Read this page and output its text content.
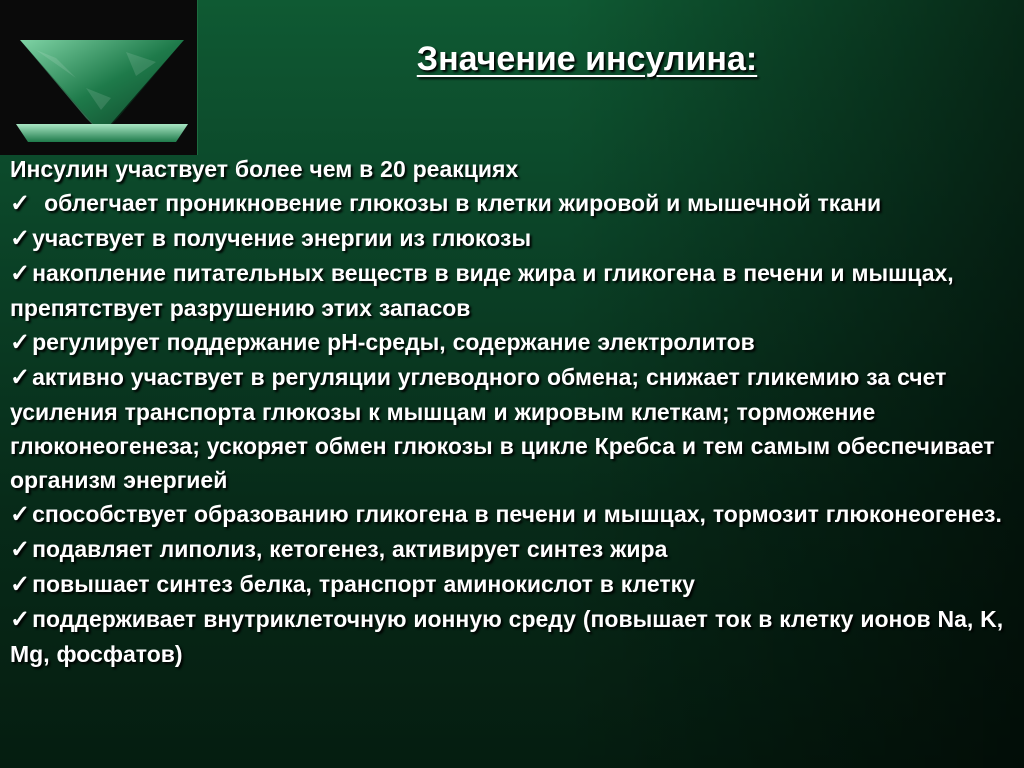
Значение инсулина:

Инсулин участвует более чем в 20 реакциях

✓ облегчает проникновение глюкозы в клетки жировой и мышечной ткани

✓участвует в получение энергии из глюкозы

✓накопление питательных веществ в виде жира и гликогена в печени и мышцах, препятствует разрушению этих запасов

✓регулирует поддержание рН-среды, содержание электролитов

✓активно участвует в регуляции углеводного обмена; снижает гликемию за счет усиления транспорта глюкозы к мышцам и жировым клеткам; торможение глюконеогенеза; ускоряет обмен глюкозы в цикле Кребса и тем самым обеспечивает организм энергией

✓способствует образованию гликогена в печени и мышцах, тормозит глюконеогенез.

✓подавляет липолиз, кетогенез, активирует синтез жира

✓повышает синтез белка, транспорт аминокислот в клетку

✓поддерживает внутриклеточную ионную среду (повышает ток в клетку ионов Na, K, Mg, фосфатов)
